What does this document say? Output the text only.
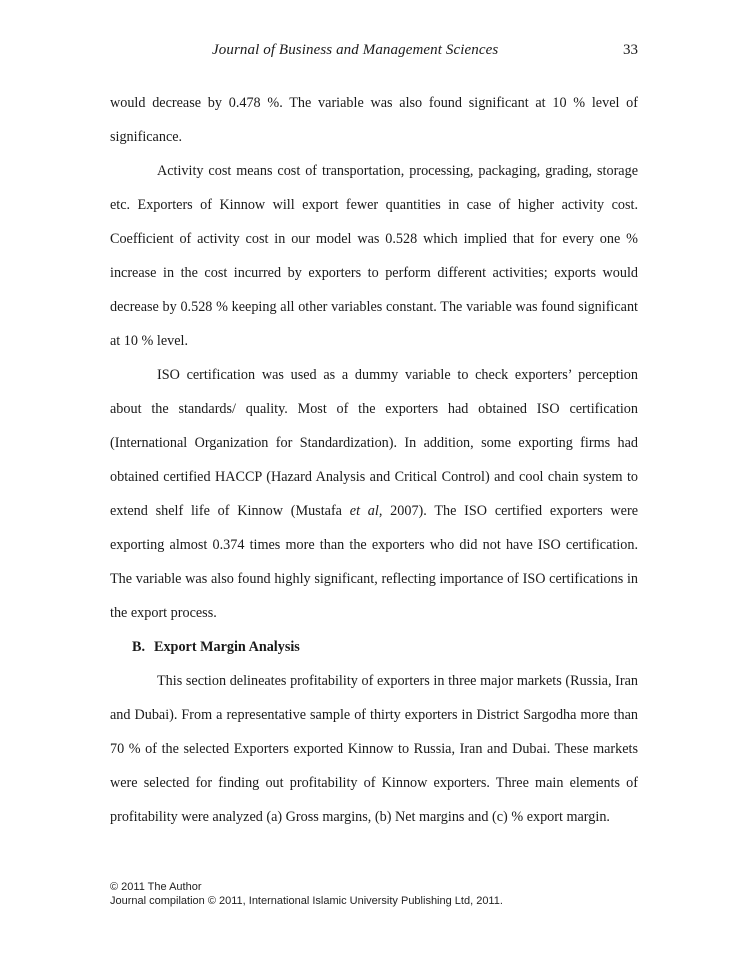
Journal of Business and Management Sciences	33

would decrease by 0.478 %. The variable was also found significant at 10 % level of significance.

Activity cost means cost of transportation, processing, packaging, grading, storage etc. Exporters of Kinnow will export fewer quantities in case of higher activity cost. Coefficient of activity cost in our model was 0.528 which implied that for every one % increase in the cost incurred by exporters to perform different activities; exports would decrease by 0.528 % keeping all other variables constant. The variable was found significant at 10 % level.

ISO certification was used as a dummy variable to check exporters’ perception about the standards/ quality. Most of the exporters had obtained ISO certification (International Organization for Standardization). In addition, some exporting firms had obtained certified HACCP (Hazard Analysis and Critical Control) and cool chain system to extend shelf life of Kinnow (Mustafa et al, 2007). The ISO certified exporters were exporting almost 0.374 times more than the exporters who did not have ISO certification. The variable was also found highly significant, reflecting importance of ISO certifications in the export process.

B. Export Margin Analysis

This section delineates profitability of exporters in three major markets (Russia, Iran and Dubai). From a representative sample of thirty exporters in District Sargodha more than 70 % of the selected Exporters exported Kinnow to Russia, Iran and Dubai. These markets were selected for finding out profitability of Kinnow exporters. Three main elements of profitability were analyzed (a) Gross margins, (b) Net margins and (c) % export margin.

© 2011 The Author
Journal compilation © 2011, International Islamic University Publishing Ltd, 2011.
